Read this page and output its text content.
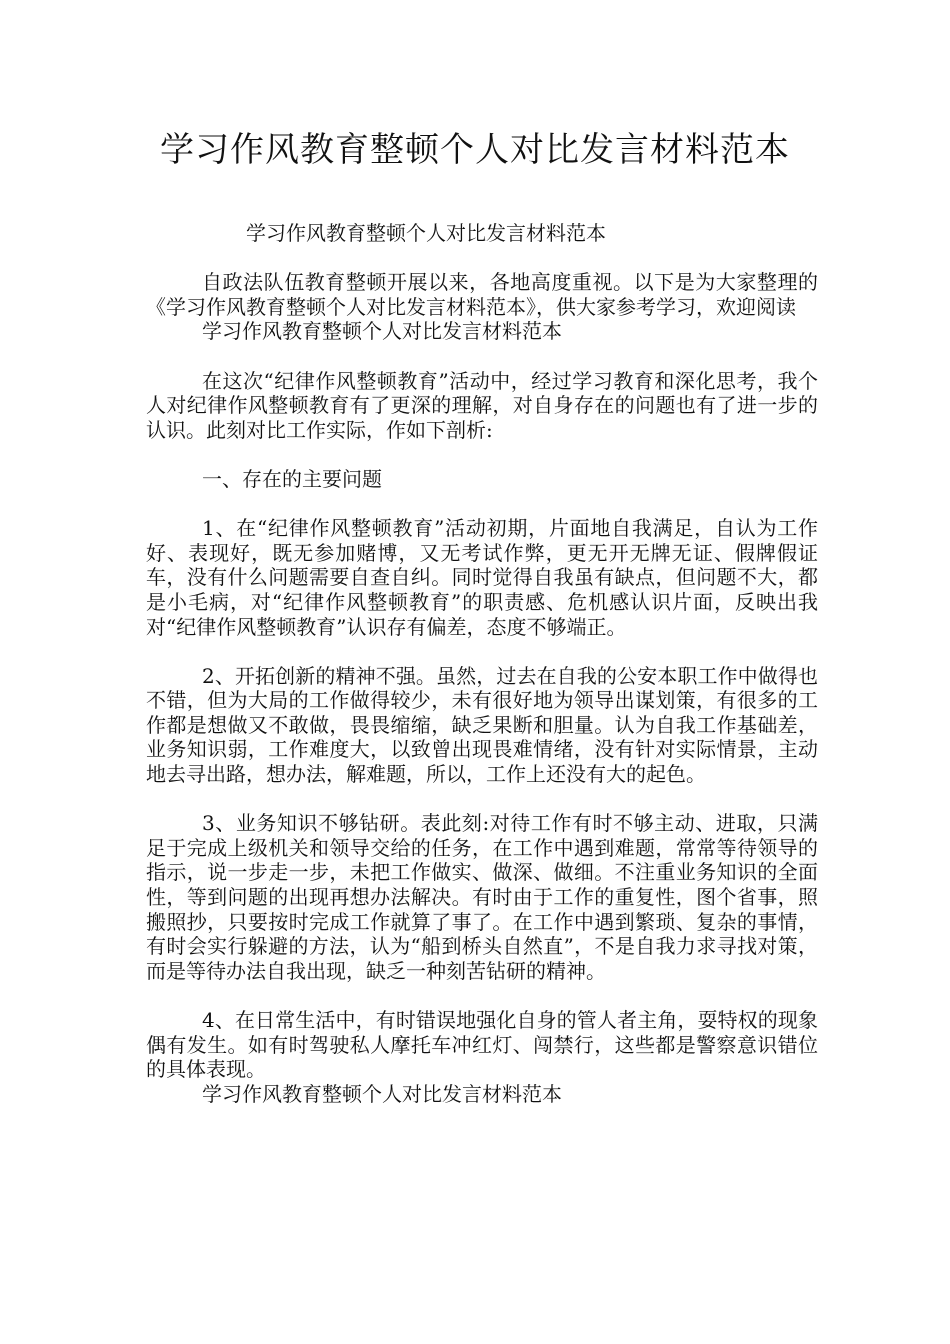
学习作风教育整顿个人对比发言材料范本

学习作风教育整顿个人对比发言材料范本

自政法队伍教育整顿开展以来，各地高度重视。以下是为大家整理的《学习作风教育整顿个人对比发言材料范本》，供大家参考学习，欢迎阅读

学习作风教育整顿个人对比发言材料范本

在这次“纪律作风整顿教育”活动中，经过学习教育和深化思考，我个人对纪律作风整顿教育有了更深的理解，对自身存在的问题也有了进一步的认识。此刻对比工作实际，作如下剖析:

一、存在的主要问题

1、在“纪律作风整顿教育”活动初期，片面地自我满足，自认为工作好、表现好，既无参加赌博，又无考试作弊，更无开无牌无证、假牌假证车，没有什么问题需要自查自纠。同时觉得自我虽有缺点，但问题不大，都是小毛病，对“纪律作风整顿教育”的职责感、危机感认识片面，反映出我对“纪律作风整顿教育”认识存有偏差，态度不够端正。

2、开拓创新的精神不强。虽然，过去在自我的公安本职工作中做得也不错，但为大局的工作做得较少，未有很好地为领导出谋划策，有很多的工作都是想做又不敢做，畏畏缩缩，缺乏果断和胆量。认为自我工作基础差，业务知识弱，工作难度大，以致曾出现畏难情绪，没有针对实际情景，主动地去寻出路，想办法，解难题，所以，工作上还没有大的起色。

3、业务知识不够钻研。表此刻:对待工作有时不够主动、进取，只满足于完成上级机关和领导交给的任务，在工作中遇到难题，常常等待领导的指示，说一步走一步，未把工作做实、做深、做细。不注重业务知识的全面性，等到问题的出现再想办法解决。有时由于工作的重复性，图个省事，照搬照抄，只要按时完成工作就算了事了。在工作中遇到繁琐、复杂的事情，有时会实行躲避的方法，认为“船到桥头自然直”，不是自我力求寻找对策，而是等待办法自我出现，缺乏一种刻苦钻研的精神。

4、在日常生活中，有时错误地强化自身的管人者主角，耍特权的现象偶有发生。如有时驾驶私人摩托车冲红灯、闯禁行，这些都是警察意识错位的具体表现。

学习作风教育整顿个人对比发言材料范本
